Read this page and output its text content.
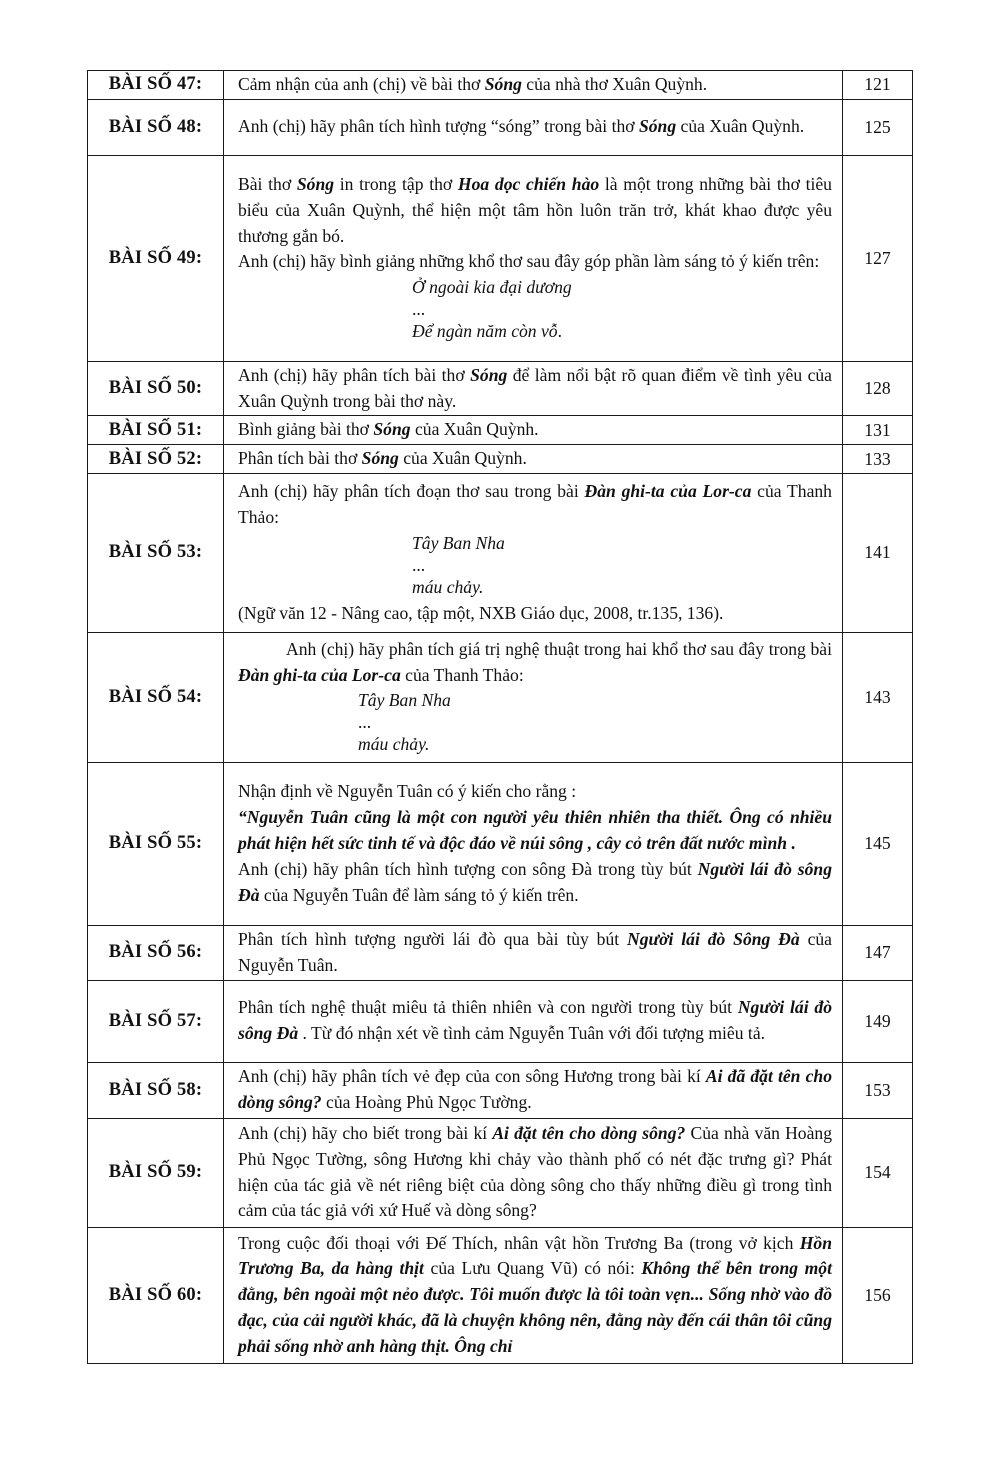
BÀI SỐ 47:	Cảm nhận của anh (chị) về bài thơ Sóng của nhà thơ Xuân Quỳnh.	121
BÀI SỐ 48:	Anh (chị) hãy phân tích hình tượng “sóng” trong bài thơ Sóng của Xuân Quỳnh.	125
BÀI SỐ 49:	Bài thơ Sóng in trong tập thơ Hoa dọc chiến hào là một trong những bài thơ tiêu biểu của Xuân Quỳnh, thể hiện một tâm hồn luôn trăn trở, khát khao được yêu thương gắn bó.

Anh (chị) hãy bình giảng những khổ thơ sau đây góp phần làm sáng tỏ ý kiến trên:

Ở ngoài kia đại dương

...

Để ngàn năm còn vỗ.	127
BÀI SỐ 50:	Anh (chị) hãy phân tích bài thơ Sóng để làm nổi bật rõ quan điểm về tình yêu của Xuân Quỳnh trong bài thơ này.	128
BÀI SỐ 51:	Bình giảng bài thơ Sóng của Xuân Quỳnh.	131
BÀI SỐ 52:	Phân tích bài thơ Sóng của Xuân Quỳnh.	133
BÀI SỐ 53:	Anh (chị) hãy phân tích đoạn thơ sau trong bài Đàn ghi-ta của Lor-ca của Thanh Thảo:

Tây Ban Nha

...

máu chảy.

(Ngữ văn 12 - Nâng cao, tập một, NXB Giáo dục, 2008, tr.135, 136).	141
BÀI SỐ 54:	Anh (chị) hãy phân tích giá trị nghệ thuật trong hai khổ thơ sau đây trong bài Đàn ghi-ta của Lor-ca của Thanh Thảo:

Tây Ban Nha

...

máu chảy.	143
BÀI SỐ 55:	Nhận định về Nguyễn Tuân có ý kiến cho rằng :

“Nguyễn Tuân cũng là một con người yêu thiên nhiên tha thiết. Ông có nhiều phát hiện hết sức tinh tế và độc đáo về núi sông , cây cỏ trên đất nước mình .

Anh (chị) hãy phân tích hình tượng con sông Đà trong tùy bút Người lái đò sông Đà của Nguyễn Tuân để làm sáng tỏ ý kiến trên.	145
BÀI SỐ 56:	Phân tích hình tượng người lái đò qua bài tùy bút Người lái đò Sông Đà của Nguyễn Tuân.	147
BÀI SỐ 57:	Phân tích nghệ thuật miêu tả thiên nhiên và con người trong tùy bút Người lái đò sông Đà . Từ đó nhận xét về tình cảm Nguyễn Tuân với đối tượng miêu tả.	149
BÀI SỐ 58:	Anh (chị) hãy phân tích vẻ đẹp của con sông Hương trong bài kí Ai đã đặt tên cho dòng sông? của Hoàng Phủ Ngọc Tường.	153
BÀI SỐ 59:	Anh (chị) hãy cho biết trong bài kí Ai đặt tên cho dòng sông? Của nhà văn Hoàng Phủ Ngọc Tường, sông Hương khi chảy vào thành phố có nét đặc trưng gì? Phát hiện của tác giả về nét riêng biệt của dòng sông cho thấy những điều gì trong tình cảm của tác giả với xứ Huế và dòng sông?	154
BÀI SỐ 60:	Trong cuộc đối thoại với Đế Thích, nhân vật hồn Trương Ba (trong vở kịch Hồn Trương Ba, da hàng thịt của Lưu Quang Vũ) có nói: Không thể bên trong một đằng, bên ngoài một nẻo được. Tôi muốn được là tôi toàn vẹn... Sống nhờ vào đồ đạc, của cải người khác, đã là chuyện không nên, đằng này đến cái thân tôi cũng phải sống nhờ anh hàng thịt. Ông chỉ	156
